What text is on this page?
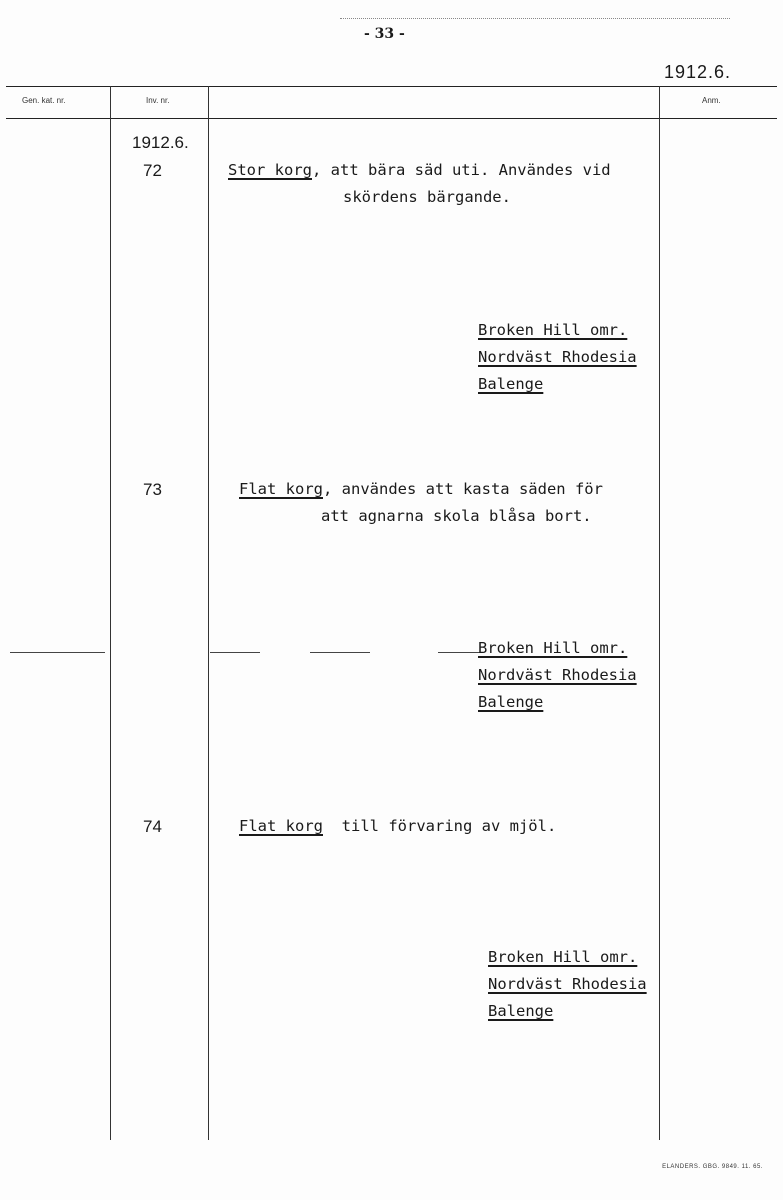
- 33 -
1912.6.
Gen. kat. nr.	Inv. nr.	Anm.
1912.6.
72	Stor korg, att bära säd uti. Användes vid
skördens bärgande.
Broken Hill omr.
Nordväst Rhodesia
Balenge
73	Flat korg, användes att kasta säden för
att agnarna skola blåsa bort.
Broken Hill omr.
Nordväst Rhodesia
Balenge
74	Flat korg  till förvaring av mjöl.
Broken Hill omr.
Nordväst Rhodesia
Balenge
ELANDERS. GBG. 9849. 11. 65.
